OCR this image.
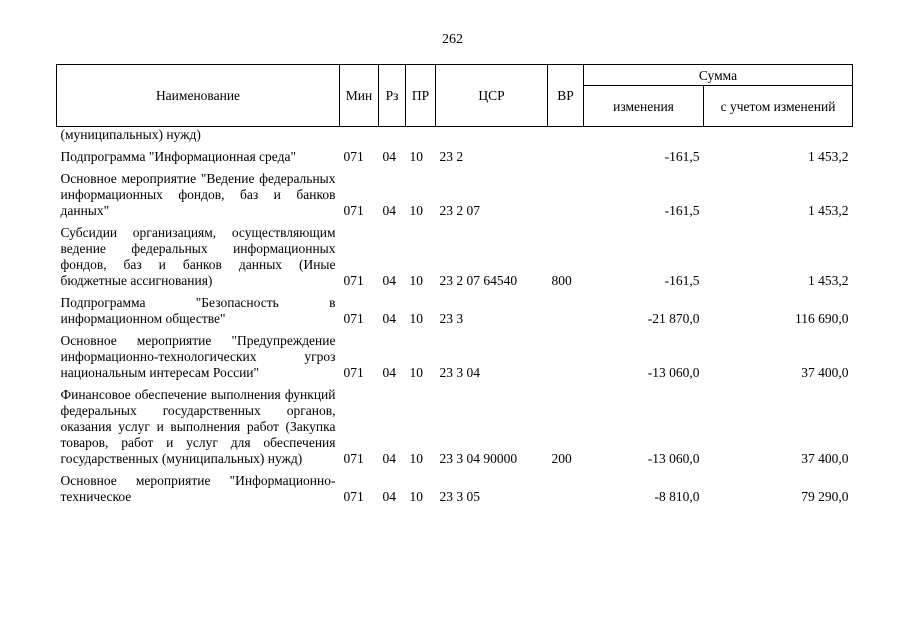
262
Наименование	Мин	Рз	ПР	ЦСР	ВР	Сумма	
						изменения	с учетом изменений
(муниципальных) нужд)							
Подпрограмма "Информационная среда"	071	04	10	23 2		-161,5	1 453,2
Основное мероприятие "Ведение федеральных информационных фондов, баз и банков данных"	071	04	10	23 2 07		-161,5	1 453,2
Субсидии организациям, осуществляющим ведение федеральных информационных фондов, баз и банков данных (Иные бюджетные ассигнования)	071	04	10	23 2 07 64540	800	-161,5	1 453,2
Подпрограмма "Безопасность в информационном обществе"	071	04	10	23 3		-21 870,0	116 690,0
Основное мероприятие "Предупреждение информационно-технологических угроз национальным интересам России"	071	04	10	23 3 04		-13 060,0	37 400,0
Финансовое обеспечение выполнения функций федеральных государственных органов, оказания услуг и выполнения работ (Закупка товаров, работ и услуг для обеспечения государственных (муниципальных) нужд)	071	04	10	23 3 04 90000	200	-13 060,0	37 400,0
Основное мероприятие "Информационно-техническое	071	04	10	23 3 05		-8 810,0	79 290,0
